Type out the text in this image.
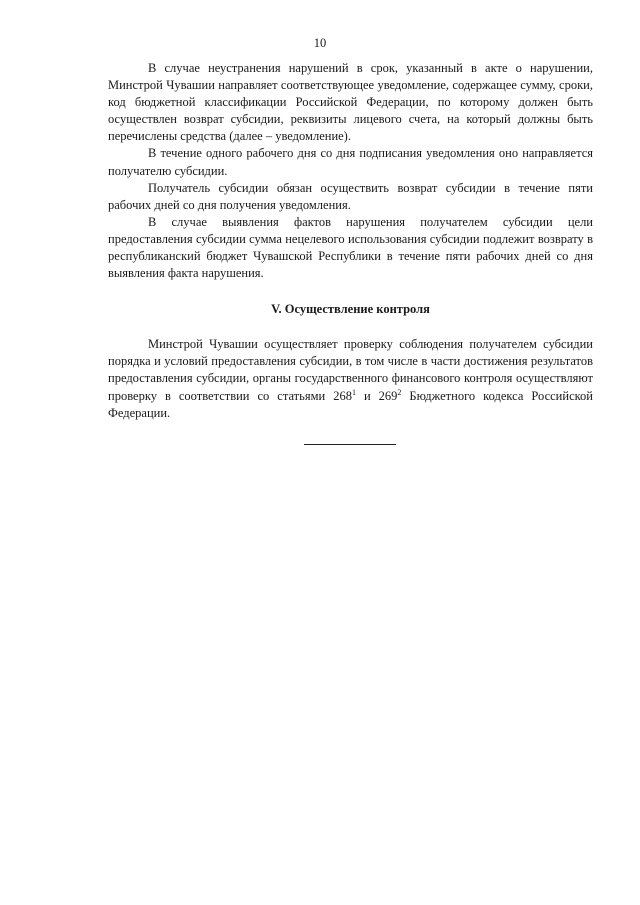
10

В случае неустранения нарушений в срок, указанный в акте о нарушении, Минстрой Чувашии направляет соответствующее уведомление, содержащее сумму, сроки, код бюджетной классификации Российской Федерации, по которому должен быть осуществлен возврат субсидии, реквизиты лицевого счета, на который должны быть перечислены средства (далее – уведомление).

В течение одного рабочего дня со дня подписания уведомления оно направляется получателю субсидии.

Получатель субсидии обязан осуществить возврат субсидии в течение пяти рабочих дней со дня получения уведомления.

В случае выявления фактов нарушения получателем субсидии цели предоставления субсидии сумма нецелевого использования субсидии подлежит возврату в республиканский бюджет Чувашской Республики в течение пяти рабочих дней со дня выявления факта нарушения.

V. Осуществление контроля

Минстрой Чувашии осуществляет проверку соблюдения получателем субсидии порядка и условий предоставления субсидии, в том числе в части достижения результатов предоставления субсидии, органы государственного финансового контроля осуществляют проверку в соответствии со статьями $268^1$ и $269^2$ Бюджетного кодекса Российской Федерации.
